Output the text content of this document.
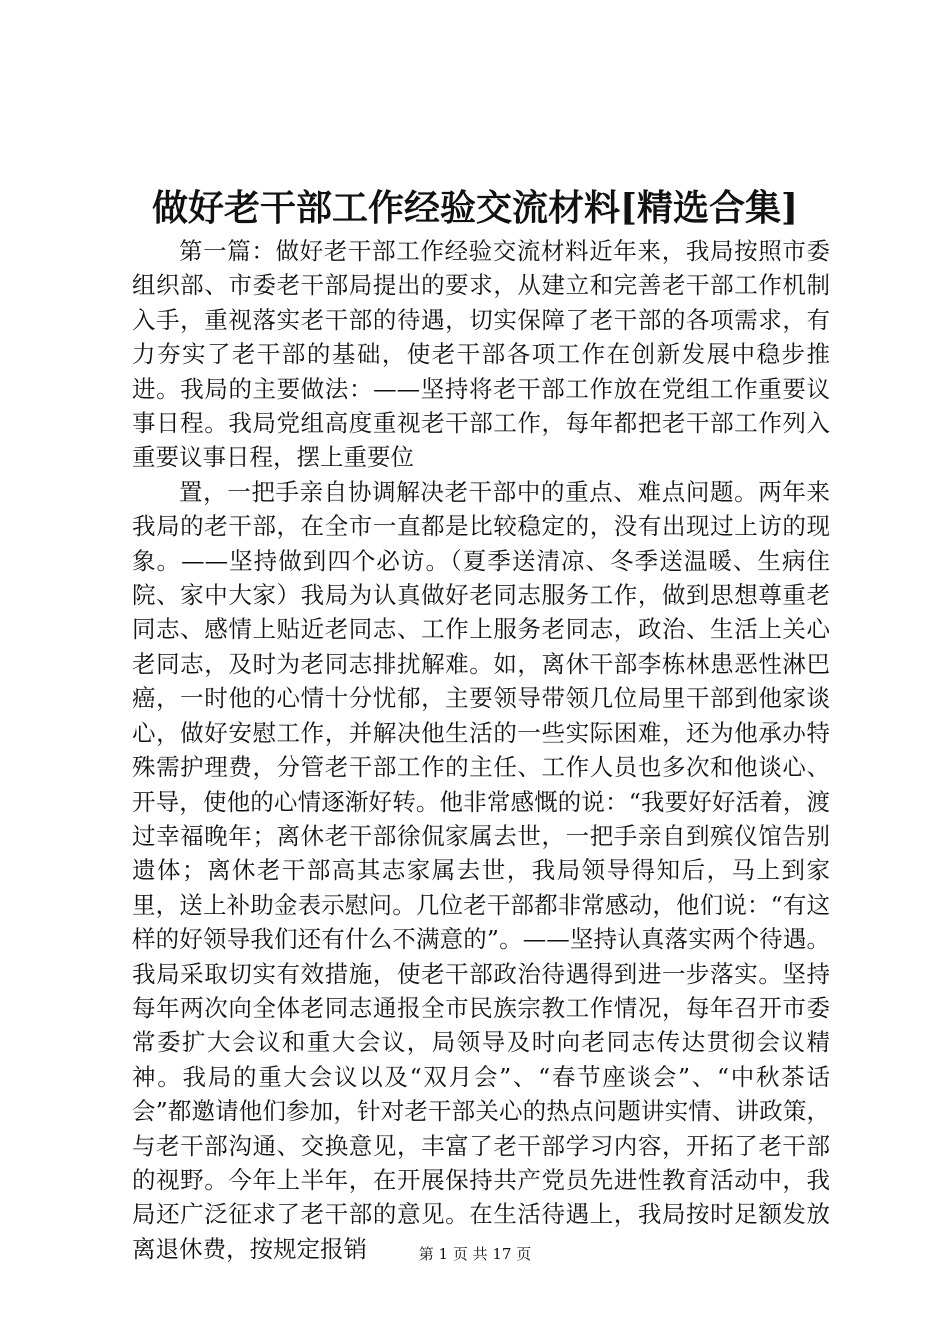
做好老干部工作经验交流材料[精选合集]

第一篇：做好老干部工作经验交流材料近年来，我局按照市委组织部、市委老干部局提出的要求，从建立和完善老干部工作机制入手，重视落实老干部的待遇，切实保障了老干部的各项需求，有力夯实了老干部的基础，使老干部各项工作在创新发展中稳步推进。我局的主要做法：——坚持将老干部工作放在党组工作重要议事日程。我局党组高度重视老干部工作，每年都把老干部工作列入重要议事日程，摆上重要位

置，一把手亲自协调解决老干部中的重点、难点问题。两年来我局的老干部，在全市一直都是比较稳定的，没有出现过上访的现象。——坚持做到四个必访。（夏季送清凉、冬季送温暖、生病住院、家中大家）我局为认真做好老同志服务工作，做到思想尊重老同志、感情上贴近老同志、工作上服务老同志，政治、生活上关心老同志，及时为老同志排扰解难。如，离休干部李栋林患恶性淋巴癌，一时他的心情十分忧郁，主要领导带领几位局里干部到他家谈心，做好安慰工作，并解决他生活的一些实际困难，还为他承办特殊需护理费，分管老干部工作的主任、工作人员也多次和他谈心、开导，使他的心情逐渐好转。他非常感慨的说：“我要好好活着，渡过幸福晚年；离休老干部徐侃家属去世，一把手亲自到殡仪馆告别遗体；离休老干部高其志家属去世，我局领导得知后，马上到家里，送上补助金表示慰问。几位老干部都非常感动，他们说：“有这样的好领导我们还有什么不满意的”。——坚持认真落实两个待遇。我局采取切实有效措施，使老干部政治待遇得到进一步落实。坚持每年两次向全体老同志通报全市民族宗教工作情况，每年召开市委常委扩大会议和重大会议，局领导及时向老同志传达贯彻会议精神。我局的重大会议以及“双月会”、“春节座谈会”、“中秋茶话会”都邀请他们参加，针对老干部关心的热点问题讲实情、讲政策，与老干部沟通、交换意见，丰富了老干部学习内容，开拓了老干部的视野。今年上半年，在开展保持共产党员先进性教育活动中，我局还广泛征求了老干部的意见。在生活待遇上，我局按时足额发放离退休费，按规定报销	第 1 页 共 17 页
